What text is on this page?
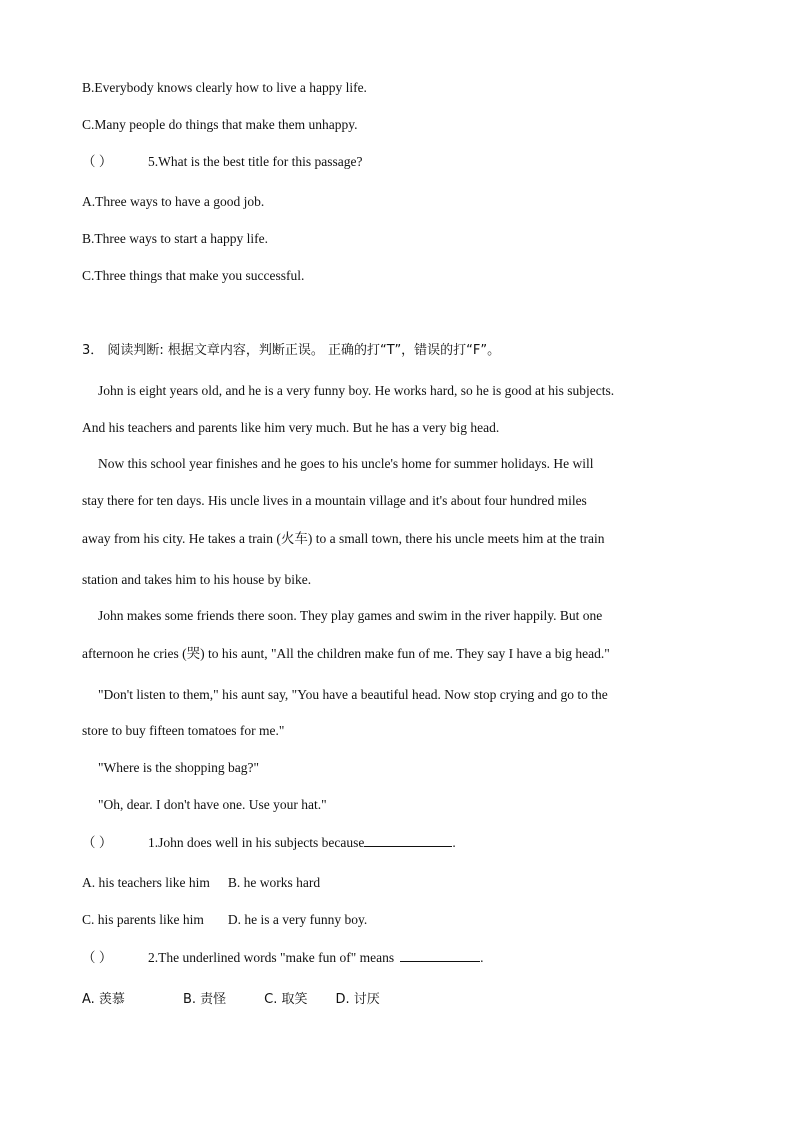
B.Everybody knows clearly how to live a happy life.
C.Many people do things that make them unhappy.
（ ）	5.What is the best title for this passage?
A.Three ways to have a good job.
B.Three ways to start a happy life.
C.Three things that make you successful.
3． 阅读判断: 根据文章内容，判断正误。 正确的打“T”，错误的打“F”。
John is eight years old, and he is a very funny boy. He works hard, so he is good at his subjects.
And his teachers and parents like him very much. But he has a very big head.
Now this school year finishes and he goes to his uncle's home for summer holidays. He will
stay there for ten days. His uncle lives in a mountain village and it's about four hundred miles
away from his city. He takes a train (火车) to a small town, there his uncle meets him at the train
station and takes him to his house by bike.
John makes some friends there soon. They play games and swim in the river happily. But one
afternoon he cries (哭) to his aunt, "All the children make fun of me. They say I have a big head."
"Don't listen to them," his aunt say, "You have a beautiful head. Now stop crying and go to the
store to buy fifteen tomatoes for me."
"Where is the shopping bag?"
"Oh, dear. I don't have one. Use your hat."
（ ）	1.John does well in his subjects because	.
A. his teachers like him B. he works hard
C. his parents like him D. he is a very funny boy.
（ ）	2.The underlined words "make fun of" means	.
A. 羡慕	B. 责怪	C. 取笑 D. 讨厌
